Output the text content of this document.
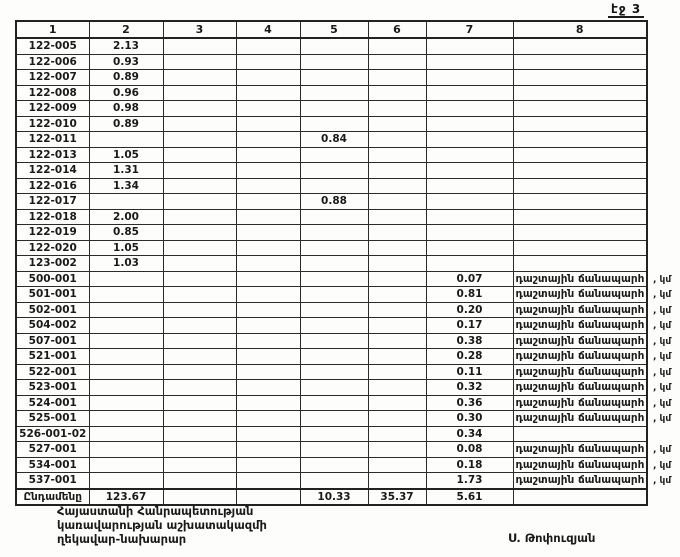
էջ 3
1	2	3	4	5	6	7	8
122-005	2.13						
122-006	0.93						
122-007	0.89						
122-008	0.96						
122-009	0.98						
122-010	0.89						
122-011				0.84			
122-013	1.05						
122-014	1.31						
122-016	1.34						
122-017				0.88			
122-018	2.00						
122-019	0.85						
122-020	1.05						
123-002	1.03						
500-001						0.07	դաշտային ճանապարհ , կմ

501-001						0.81	դաշտային ճանապարհ , կմ

502-001						0.20	դաշտային ճանապարհ , կմ

504-002						0.17	դաշտային ճանապարհ , կմ

507-001						0.38	դաշտային ճանապարհ , կմ

521-001						0.28	դաշտային ճանապարհ , կմ

522-001						0.11	դաշտային ճանապարհ , կմ

523-001						0.32	դաշտային ճանապարհ , կմ

524-001						0.36	դաշտային ճանապարհ , կմ

525-001						0.30	դաշտային ճանապարհ , կմ

526-001-02						0.34	
527-001						0.08	դաշտային ճանապարհ , կմ

534-001						0.18	դաշտային ճանապարհ , կմ

537-001						1.73	դաշտային ճանապարհ , կմ

Ընդամենը	123.67			10.33	35.37	5.61	
Հայաստանի Հանրապետության
կառավարության աշխատակազմի
ղեկավար-նախարար	Ս. Թոփուզյան
